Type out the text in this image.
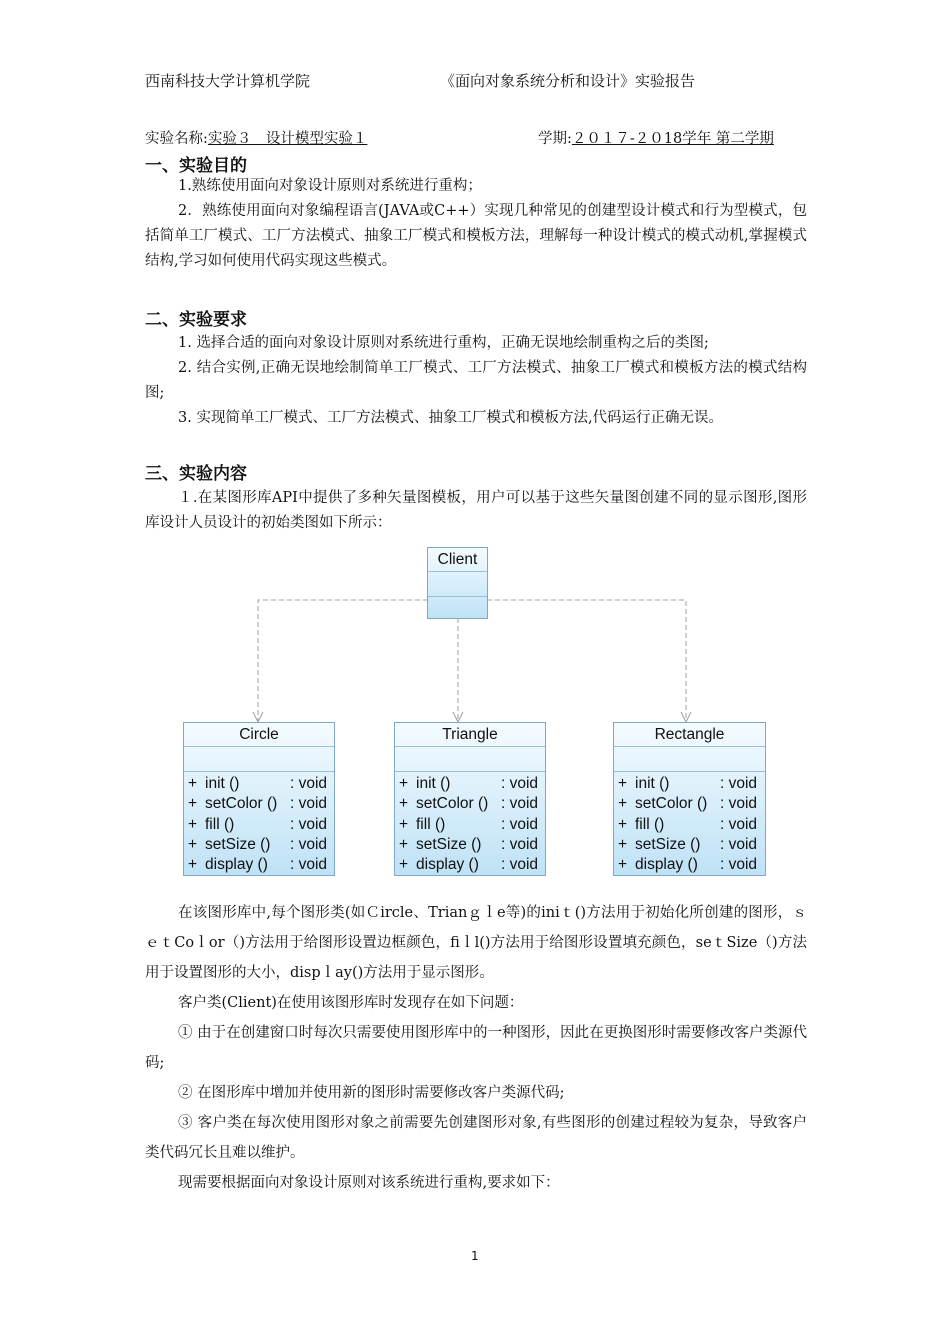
西南科技大学计算机学院	《面向对象系统分析和设计》实验报告
实验名称:实验３　设计模型实验１	学期:２０１７-２０18学年 第二学期
一、实验目的
1.熟练使用面向对象设计原则对系统进行重构；
2．熟练使用面向对象编程语言(JAVA或C++）实现几种常见的创建型设计模式和行为型模式，包括简单工厂模式、工厂方法模式、抽象工厂模式和模板方法，理解每一种设计模式的模式动机,掌握模式结构,学习如何使用代码实现这些模式。
二、实验要求
1. 选择合适的面向对象设计原则对系统进行重构，正确无误地绘制重构之后的类图;
2. 结合实例,正确无误地绘制简单工厂模式、工厂方法模式、抽象工厂模式和模板方法的模式结构图;
3. 实现简单工厂模式、工厂方法模式、抽象工厂模式和模板方法,代码运行正确无误。
三、实验内容
１.在某图形库API中提供了多种矢量图模板，用户可以基于这些矢量图创建不同的显示图形,图形库设计人员设计的初始类图如下所示：
Client
Circle
+ init ()	: void
+ setColor () : void
+ fill ()	: void
+ setSize () : void
+ display () : void
Triangle
+ init ()	: void
+ setColor () : void
+ fill ()	: void
+ setSize () : void
+ display () : void
Rectangle
+ init ()	: void
+ setColor () : void
+ fill ()	: void
+ setSize () : void
+ display () : void
在该图形库中,每个图形类(如Ｃircle、Trianｇｌe等)的iniｔ()方法用于初始化所创建的图形，ｓｅｔCoｌor（)方法用于给图形设置边框颜色，fiｌl()方法用于给图形设置填充颜色，seｔSize（)方法用于设置图形的大小，dispｌay()方法用于显示图形。
客户类(Client)在使用该图形库时发现存在如下问题：
① 由于在创建窗口时每次只需要使用图形库中的一种图形，因此在更换图形时需要修改客户类源代码;
② 在图形库中增加并使用新的图形时需要修改客户类源代码;
③ 客户类在每次使用图形对象之前需要先创建图形对象,有些图形的创建过程较为复杂，导致客户类代码冗长且难以维护。
现需要根据面向对象设计原则对该系统进行重构,要求如下：
1
